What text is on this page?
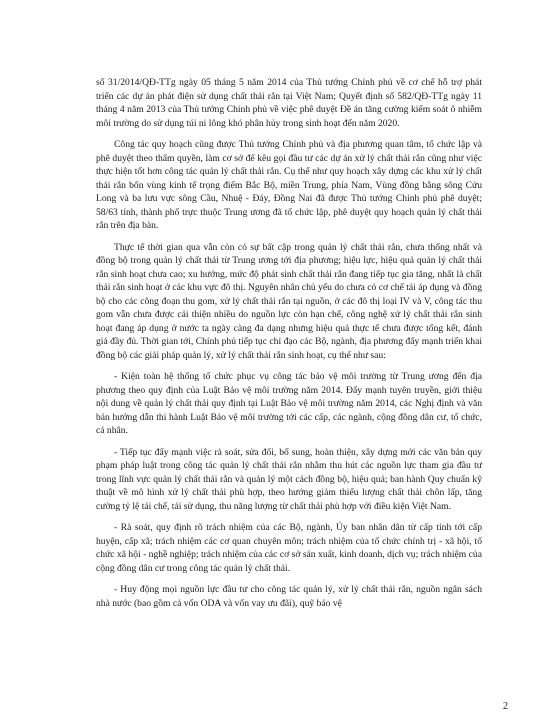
số 31/2014/QĐ-TTg ngày 05 tháng 5 năm 2014 của Thủ tướng Chính phủ về cơ chế hỗ trợ phát triển các dự án phát điện sử dụng chất thải rắn tại Việt Nam; Quyết định số 582/QĐ-TTg ngày 11 tháng 4 năm 2013 của Thủ tướng Chính phủ về việc phê duyệt Đề án tăng cường kiểm soát ô nhiễm môi trường do sử dụng túi ni lông khó phân hủy trong sinh hoạt đến năm 2020.

Công tác quy hoạch cũng được Thủ tướng Chính phủ và địa phương quan tâm, tổ chức lập và phê duyệt theo thẩm quyền, làm cơ sở để kêu gọi đầu tư các dự án xử lý chất thải rắn cũng như việc thực hiện tốt hơn công tác quản lý chất thải rắn. Cụ thể như quy hoạch xây dựng các khu xử lý chất thải rắn bốn vùng kinh tế trọng điểm Bắc Bộ, miền Trung, phía Nam, Vùng đồng bằng sông Cửu Long và ba lưu vực sông Cầu, Nhuệ - Đáy, Đồng Nai đã được Thủ tướng Chính phủ phê duyệt; 58/63 tỉnh, thành phố trực thuộc Trung ương đã tổ chức lập, phê duyệt quy hoạch quản lý chất thải rắn trên địa bàn.

Thực tế thời gian qua vẫn còn có sự bất cập trong quản lý chất thải rắn, chưa thống nhất và đồng bộ trong quản lý chất thải từ Trung ương tới địa phương; hiệu lực, hiệu quả quản lý chất thải rắn sinh hoạt chưa cao; xu hướng, mức độ phát sinh chất thải rắn đang tiếp tục gia tăng, nhất là chất thải rắn sinh hoạt ở các khu vực đô thị. Nguyên nhân chủ yếu do chưa có cơ chế tái áp dụng và đồng bộ cho các công đoạn thu gom, xử lý chất thải rắn tại nguồn, ở các đô thị loại IV và V, công tác thu gom vẫn chưa được cải thiện nhiều do nguồn lực còn hạn chế, công nghệ xử lý chất thải rắn sinh hoạt đang áp dụng ở nước ta ngày càng đa dạng nhưng hiệu quả thực tế chưa được tổng kết, đánh giá đầy đủ. Thời gian tới, Chính phủ tiếp tục chỉ đạo các Bộ, ngành, địa phương đẩy mạnh triển khai đồng bộ các giải pháp quản lý, xử lý chất thải rắn sinh hoạt, cụ thể như sau:

- Kiện toàn hệ thống tổ chức phục vụ công tác bảo vệ môi trường từ Trung ương đến địa phương theo quy định của Luật Bảo vệ môi trường năm 2014. Đẩy mạnh tuyên truyền, giới thiệu nội dung về quản lý chất thải quy định tại Luật Bảo vệ môi trường năm 2014, các Nghị định và văn bản hướng dẫn thi hành Luật Bảo vệ môi trường tới các cấp, các ngành, cộng đồng dân cư, tổ chức, cá nhân.

- Tiếp tục đẩy mạnh việc rà soát, sửa đổi, bổ sung, hoàn thiện, xây dựng mới các văn bản quy phạm pháp luật trong công tác quản lý chất thải rắn nhằm thu hút các nguồn lực tham gia đầu tư trong lĩnh vực quản lý chất thải rắn và quản lý một cách đồng bộ, hiệu quả; ban hành Quy chuẩn kỹ thuật về mô hình xử lý chất thải phù hợp, theo hướng giảm thiểu lượng chất thải chôn lấp, tăng cường tỷ lệ tái chế, tái sử dụng, thu năng lượng từ chất thải phù hợp với điều kiện Việt Nam.

- Rà soát, quy định rõ trách nhiệm của các Bộ, ngành, Ủy ban nhân dân từ cấp tỉnh tới cấp huyện, cấp xã; trách nhiệm các cơ quan chuyên môn; trách nhiệm của tổ chức chính trị - xã hội, tổ chức xã hội - nghề nghiệp; trách nhiệm của các cơ sở sản xuất, kinh doanh, dịch vụ; trách nhiệm của cộng đồng dân cư trong công tác quản lý chất thải.

- Huy động mọi nguồn lực đầu tư cho công tác quản lý, xử lý chất thải rắn, nguồn ngân sách nhà nước (bao gồm cả vốn ODA và vốn vay ưu đãi), quỹ bảo vệ

2
